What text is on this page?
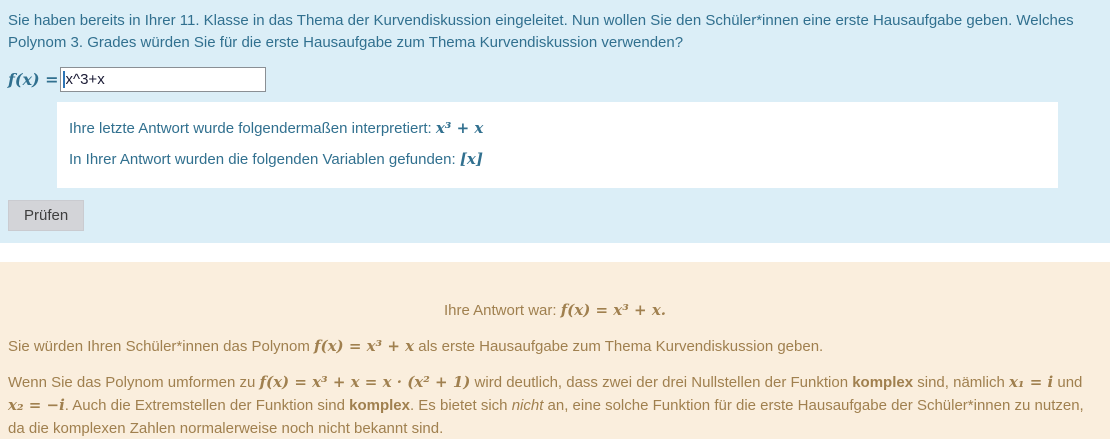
Sie haben bereits in Ihrer 11. Klasse in das Thema der Kurvendiskussion eingeleitet. Nun wollen Sie den Schüler*innen eine erste Hausaufgabe geben. Welches Polynom 3. Grades würden Sie für die erste Hausaufgabe zum Thema Kurvendiskussion verwenden?

f(x) =
x^3+x

Ihre letzte Antwort wurde folgendermaßen interpretiert: x³ + x

In Ihrer Antwort wurden die folgenden Variablen gefunden: [x]

Prüfen

Ihre Antwort war: f(x) = x³ + x.

Sie würden Ihren Schüler*innen das Polynom f(x) = x³ + x als erste Hausaufgabe zum Thema Kurvendiskussion geben.

Wenn Sie das Polynom umformen zu f(x) = x³ + x = x · (x² + 1) wird deutlich, dass zwei der drei Nullstellen der Funktion komplex sind, nämlich x₁ = i und x₂ = −i. Auch die Extremstellen der Funktion sind komplex. Es bietet sich nicht an, eine solche Funktion für die erste Hausaufgabe der Schüler*innen zu nutzen, da die komplexen Zahlen normalerweise noch nicht bekannt sind.
